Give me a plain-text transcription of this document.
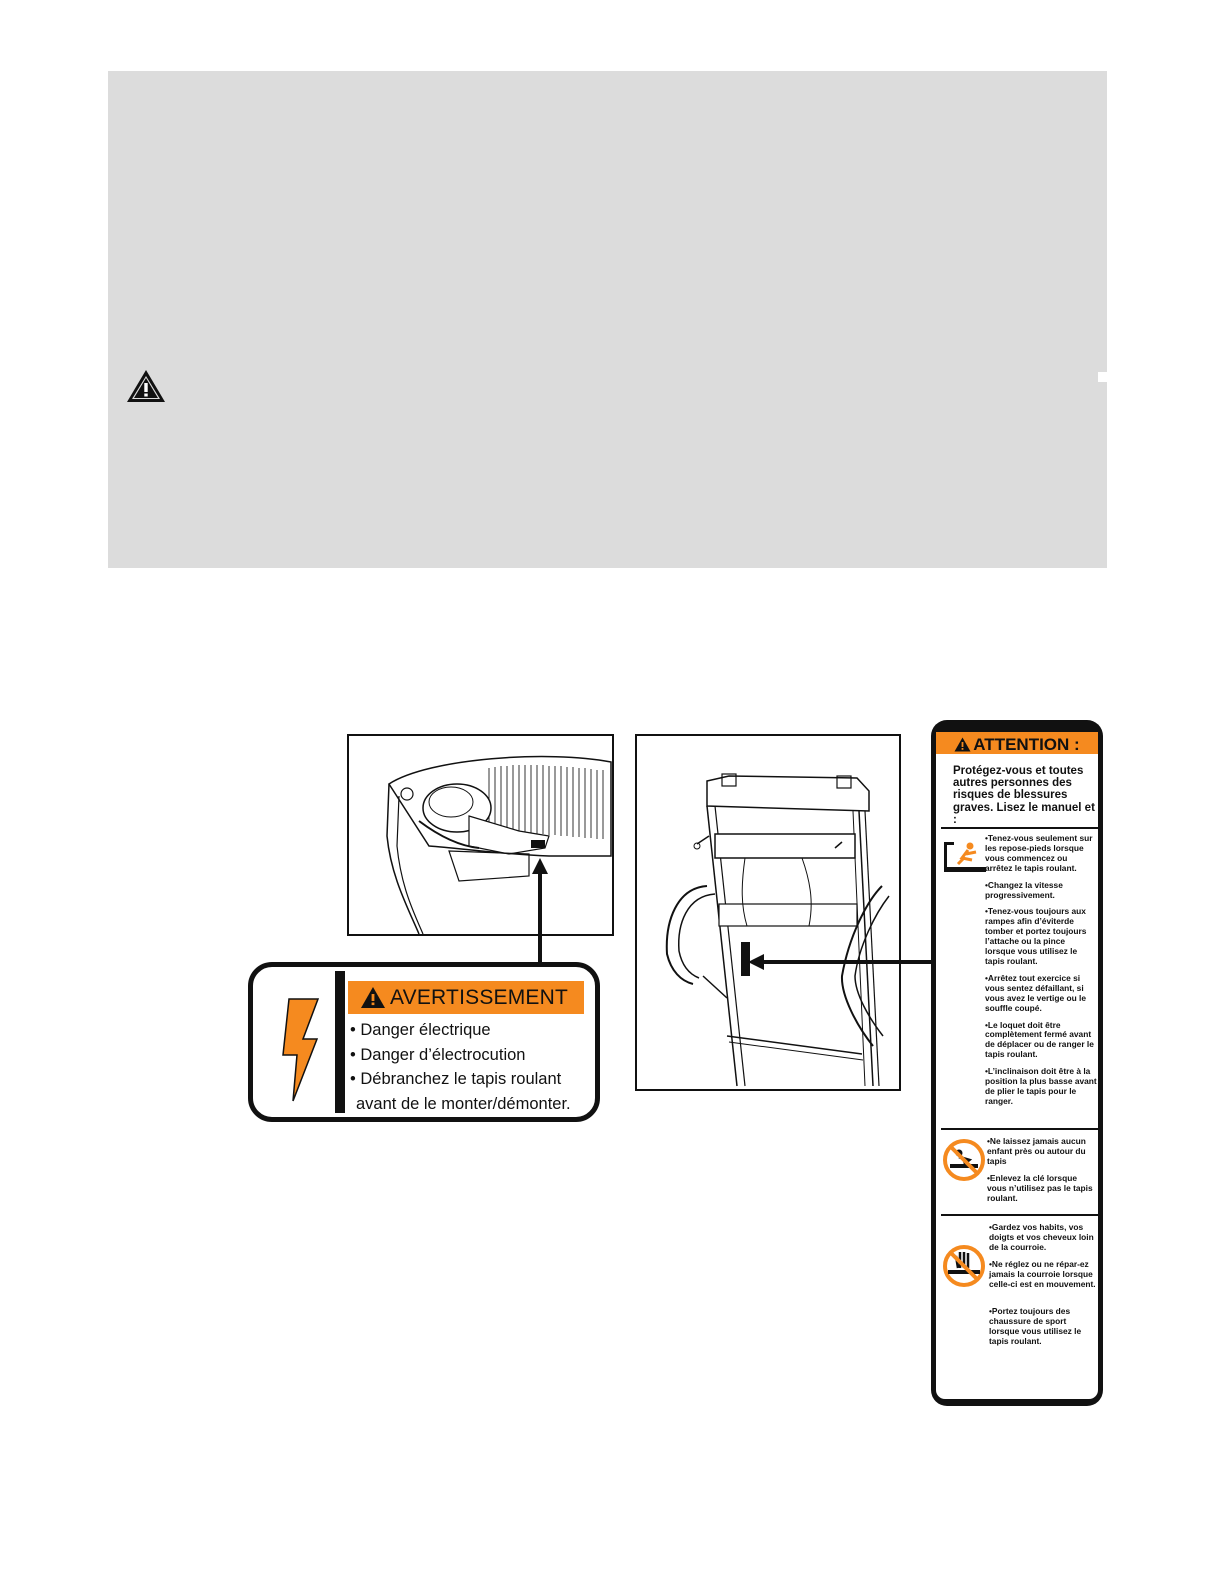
AVERTISSEMENT
• Danger électrique
• Danger d’électrocution
• Débranchez le tapis roulant
avant de le monter/démonter.
ATTENTION :
Protégez-vous et toutes autres personnes des risques de blessures graves. Lisez le manuel et :

•Tenez-vous seulement sur les repose-pieds lorsque vous commencez ou arrêtez le tapis roulant.

•Changez la vitesse progressivement.

•Tenez-vous toujours aux rampes afin d’éviterde tomber et portez toujours l’attache ou la pince lorsque vous utilisez le tapis roulant.

•Arrêtez tout exercice si vous sentez défaillant, si vous avez le vertige ou le souffle coupé.

•Le loquet doit être complètement fermé avant de déplacer ou de ranger le tapis roulant.

•L’inclinaison doit être à la position la plus basse avant de plier le tapis pour le ranger.

•Ne laissez jamais aucun enfant près ou autour du tapis

•Enlevez la clé lorsque vous n’utilisez pas le tapis roulant.

•Gardez vos habits, vos doigts et vos cheveux loin de la courroie.

•Ne réglez ou ne répar-ez jamais la courroie lorsque celle-ci est en mouvement.

•Portez toujours des chaussure de sport lorsque vous utilisez le tapis roulant.
